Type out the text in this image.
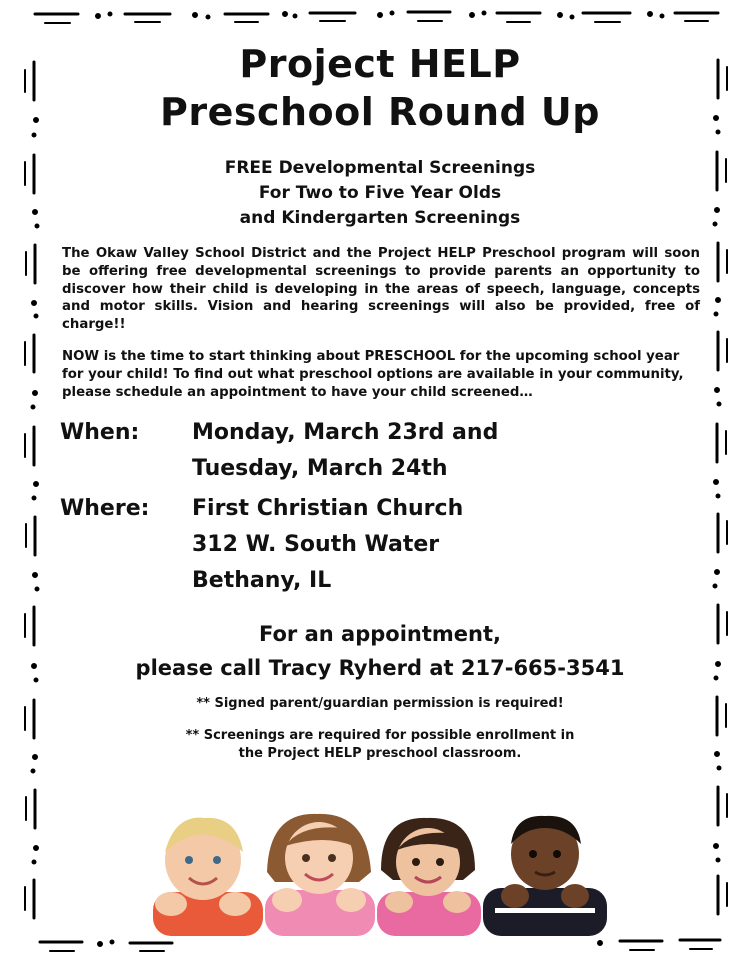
Project HELP
Preschool Round Up
FREE Developmental Screenings
For Two to Five Year Olds
and Kindergarten Screenings

The Okaw Valley School District and the Project HELP Preschool program will soon be offering free developmental screenings to provide parents an opportunity to discover how their child is developing in the areas of speech, language, concepts and motor skills. Vision and hearing screenings will also be provided, free of charge!!

NOW is the time to start thinking about PRESCHOOL for the upcoming school year for your child! To find out what preschool options are available in your community, please schedule an appointment to have your child screened…

When:	Monday, March 23rd and
Tuesday, March 24th
Where:	First Christian Church
312 W. South Water
Bethany, IL
For an appointment,
please call Tracy Ryherd at 217-665-3541
** Signed parent/guardian permission is required!
** Screenings are required for possible enrollment in
the Project HELP preschool classroom.
